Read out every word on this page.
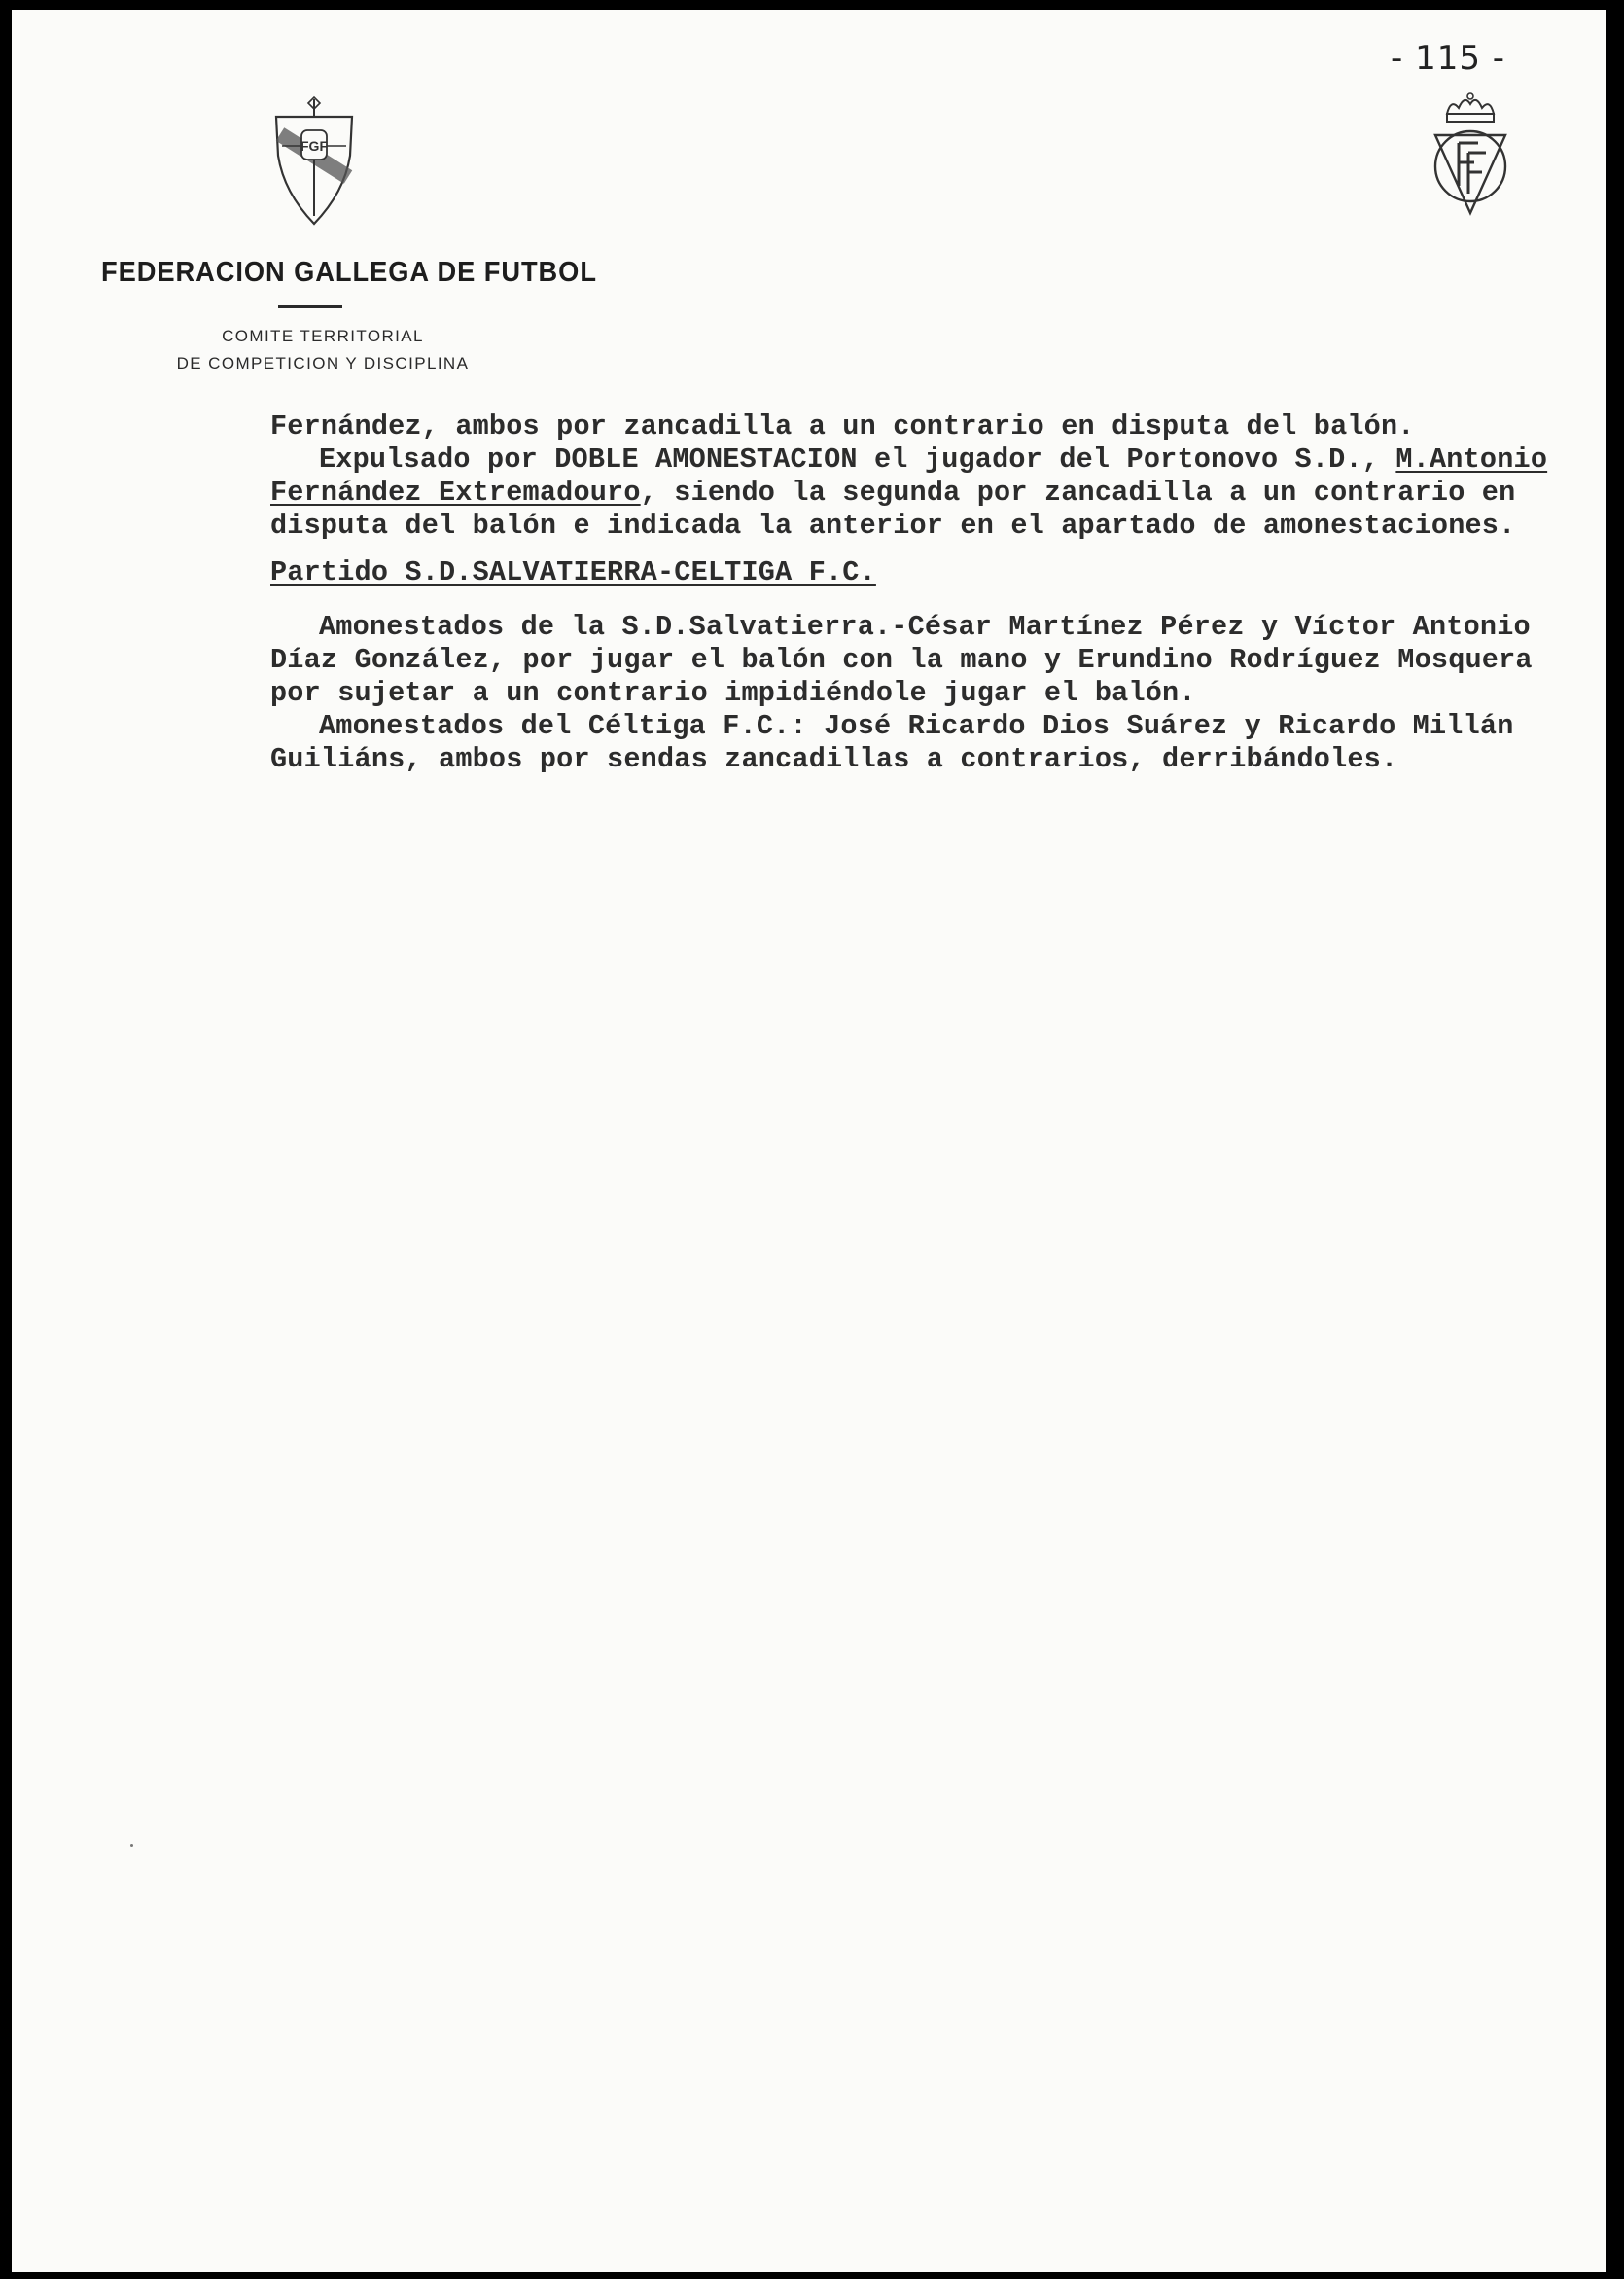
- 115 -
FGF
FEDERACION GALLEGA DE FUTBOL
COMITE TERRITORIAL
DE COMPETICION Y DISCIPLINA

Fernández, ambos por zancadilla a un contrario en disputa del balón.

Expulsado por DOBLE AMONESTACION el jugador del Portonovo S.D., M.Antonio

Fernández Extremadouro, siendo la segunda por zancadilla a un contrario en

disputa del balón e indicada la anterior en el apartado de amonestaciones.

Partido S.D.SALVATIERRA-CELTIGA F.C.

Amonestados de la S.D.Salvatierra.-César Martínez Pérez y Víctor Antonio

Díaz González, por jugar el balón con la mano y Erundino Rodríguez Mosquera

por sujetar a un contrario impidiéndole jugar el balón.

Amonestados del Céltiga F.C.: José Ricardo Dios Suárez y Ricardo Millán

Guiliáns, ambos por sendas zancadillas a contrarios, derribándoles.
